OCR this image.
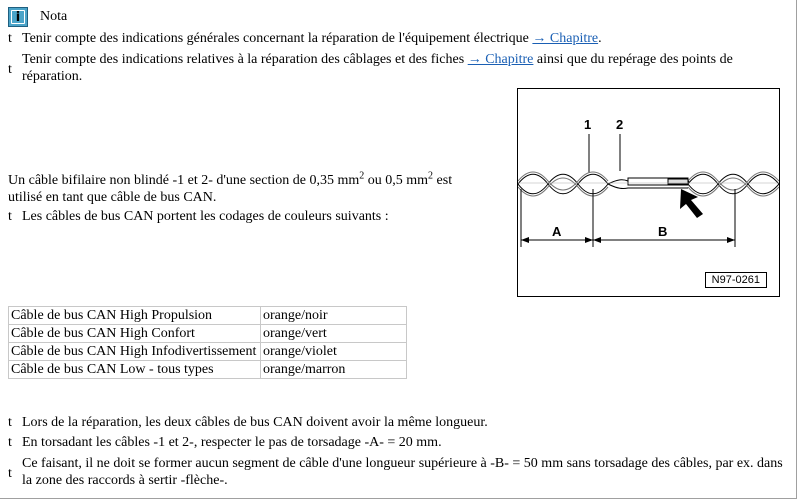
i Nota
t Tenir compte des indications générales concernant la réparation de l'équipement électrique → Chapitre.
t
Tenir compte des indications relatives à la réparation des câblages et des fiches → Chapitre ainsi que du repérage des points de réparation.
Un câble bifilaire non blindé -1 et 2- d'une section de 0,35 $mm^2$ ou 0,5 $mm^2$ est utilisé en tant que câble de bus CAN.
t Les câbles de bus CAN portent les codages de couleurs suivants :
1 2
A	B
N97-0261
Câble de bus CAN High Propulsion	orange/noir
Câble de bus CAN High Confort	orange/vert
Câble de bus CAN High Infodivertissement	orange/violet
Câble de bus CAN Low - tous types	orange/marron
t Lors de la réparation, les deux câbles de bus CAN doivent avoir la même longueur.
t En torsadant les câbles -1 et 2-, respecter le pas de torsadage -A- = 20 mm.
t
Ce faisant, il ne doit se former aucun segment de câble d'une longueur supérieure à -B- = 50 mm sans torsadage des câbles, par ex. dans la zone des raccords à sertir -flèche-.
